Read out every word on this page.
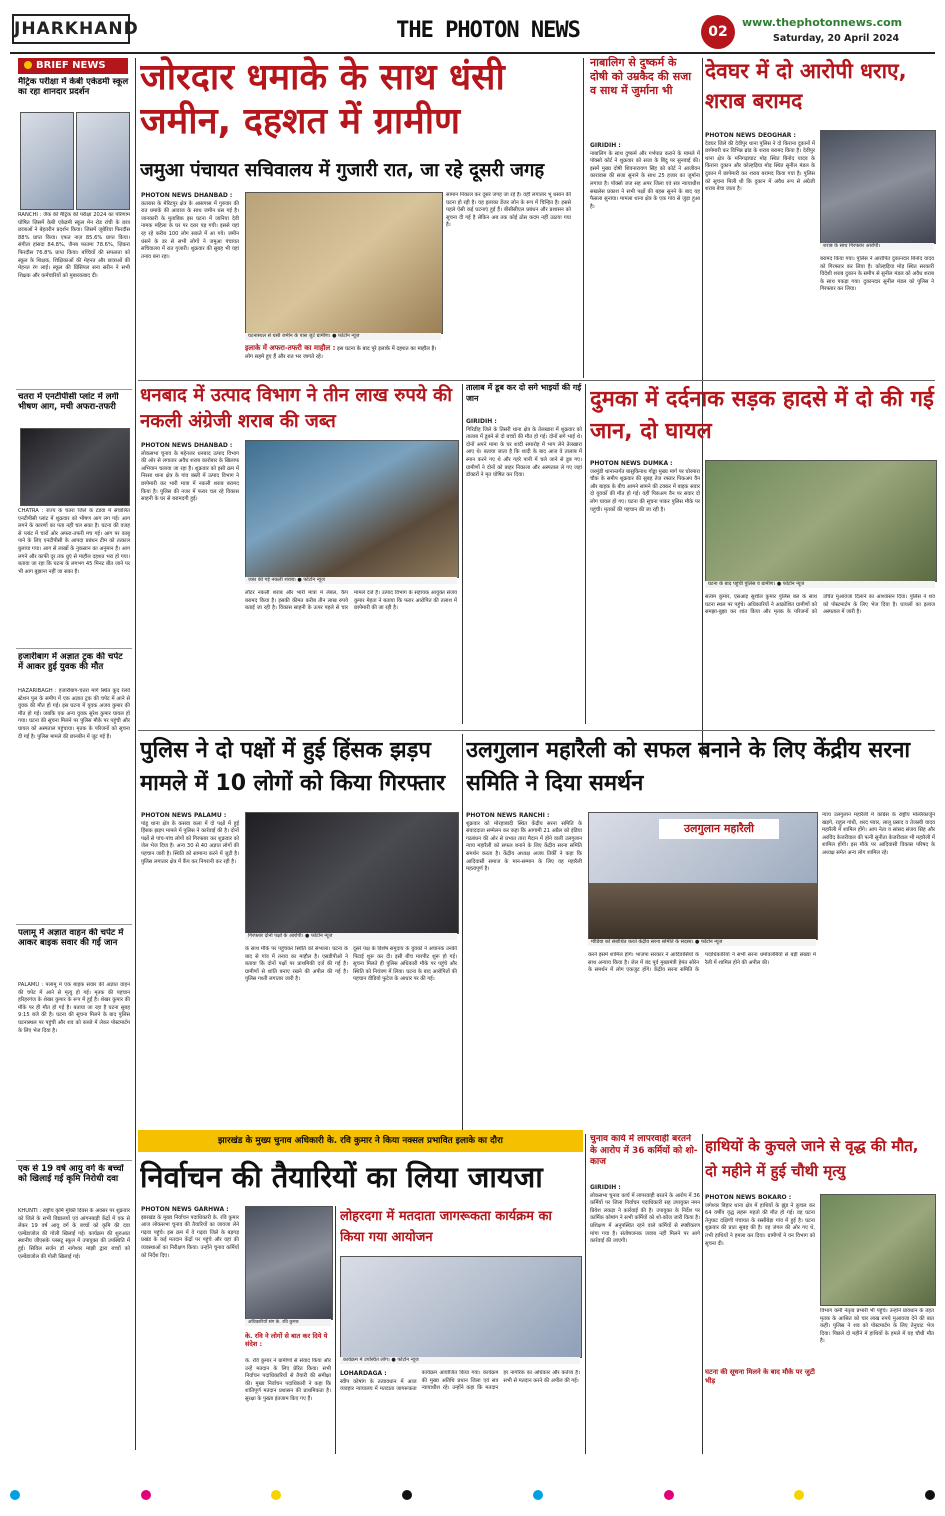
JHARKHAND	THE PHOTON NEWS	02
www.thephotonnews.com
Saturday, 20 April 2024
BRIEF NEWS
मैट्रिक परीक्षा में केबी एकेडमी स्कूल का रहा शानदार प्रदर्शन
RANCHI : जैक की मैट्रिक की परीक्षा 2024 का परिणाम घोषित जिसमें केबी एकेडमी स्कूल मेन रोड रांची के छात्र छात्राओं ने बेहतरीन प्रदर्शन किया। जिसमें जूबेरिया फिरदौस 88% प्राप्त किया। एफत नाज़ 85.6% प्राप्त किया। संगीता हांसदा 84.8%, जैनब फातमा 78.6%, ज़िकरा फिरदौस 76.8% प्राप्त किया। बच्चियों की सफलता को स्कूल के शिक्षक, शिक्षिकाओं की मेहनत और छात्राओं की मेहनत रंग लाई। स्कूल की प्रिंसिपल सना सरीन ने सभी शिक्षक और कर्मचारियों को मुबारकबाद दी।
चतरा में एनटीपीसी प्लांट में लगी भीषण आग, मची अफरा-तफरी
CHATRA : राज्य के चतरा जिले के टंडवा में संचालित एनटीपीसी प्लांट में शुक्रवार को भीषण आग लग गई। आग लगने के कारणों का पता नहीं चल सका है। घटना की वजह से प्लांट में चारों ओर अफरा-तफरी मच गई। आग पर काबू पाने के लिए एनटीपीसी के आपदा प्रबंधन टीम को तत्काल बुलाया गया। आग से लाखों के नुकसान का अनुमान है। आग लगने और काफी दूर तक धुएं से माहौल दहशत भरा हो गया। बताया जा रहा कि घटना के लगभग 45 मिनट बीत जाने पर भी आग बुझाना नहीं जा सका है।
हजारीबाग में अज्ञात ट्रक की चपेट में आकर हुई युवक की मौत
HAZARIBAGH : हजारीबाग-चतरा मार्ग स्थित कूद रेलवे स्टेशन पुल के समीप में एक अज्ञात ट्रक की चपेट में आने से युवक की मौत हो गई। इस घटना में युवक अजय कुमार की मौत हो गई। जबकि एक अन्य युवक सुरेश कुमार घायल हो गया। घटना की सूचना मिलने पर पुलिस मौके पर पहुंची और घायल को अस्पताल पहुंचाया। मृतक के परिजनों को सूचना दी गई है। पुलिस मामले की छानबीन में जुट गई है।
पलामू में अज्ञात वाहन की चपेट में आकर बाइक सवार की गई जान
PALAMU : पलामू में एक बाइक सवार की अज्ञात वाहन की चपेट में आने से मृत्यु हो गई। मृतक की पहचान हरिहरगंज के शेखर कुमार के रूप में हुई है। शेखर कुमार की मौके पर ही मौत हो गई है। बताया जा रहा है घटना सुबह 9:15 बजे की है। घटना की सूचना मिलने के बाद पुलिस घटनास्थल पर पहुंची और शव को कब्जे में लेकर पोस्टमार्टम के लिए भेज दिया है।
एक से 19 वर्ष आयु वर्ग के बच्चों को खिलाई गई कृमि निरोधी दवा
KHUNTI : राष्ट्रीय कृमि मुक्ति दिवस के अवसर पर शुक्रवार को जिले के सभी विद्यालयों एवं आंगनबाड़ी केंद्रों में एक से लेकर 19 वर्ष आयु वर्ग के बच्चों को कृमि की दवा एल्बेंडाजोल की गोली खिलाई गई। कार्यक्रम की शुरुआत स्थानीय जीएसके प्लसटू स्कूल में उपायुक्त की उपस्थिति में हुई। सिविल सर्जन डॉ नागेश्वर मांझी द्वारा बच्चों को एल्बेंडाजोल की गोली खिलाई गई।
जोरदार धमाके के साथ धंसी जमीन, दहशत में ग्रामीण
जमुआ पंचायत सचिवालय में गुजारी रात, जा रहे दूसरी जगह
PHOTON NEWS DHANBAD :
कतरास के मेरिटपुर क्षेत्र के आसपास में गुरुवार की रात धमाके की आवाज के साथ जमीन धंस गई है। जानकारी के मुताबिक इस घटना में जानिया देवी नामक महिला के घर पर दरार पड़ गयी। इससे यहां रह रहे करीब 100 लोग सकते में आ गये। जमीन धंसने के डर से सभी लोगों ने जमुआ पंचायत सचिवालय में रात गुजारी। शुक्रवार की सुबह भी यहां तनाव बना रहा।
घटनास्थल से धंसी जमीन के पास जुटे ग्रामीण। ● फोटोन न्यूज
इलाके में अफरा-तफरी का माहौल : इस घटना के बाद पूरे इलाके में दहशत का माहौल है। लोग सहमे हुए हैं और रात भर जागते रहे।
सामान निकाल कर दूसरे जगह जा रहे हैं। वहीं लगातार भू धसान की घटना हो रही है। यह इलाका डेंजर जोन के रूप में चिन्हित है। इससे पहले ऐसी कई घटनाएं हुई हैं। बीसीसीएल प्रबंधन और प्रशासन को सूचना दी गई है लेकिन अब तक कोई ठोस कदम नहीं उठाया गया है।
नाबालिग से दुष्कर्म के दोषी को उम्रकैद की सजा व साथ में जुर्माना भी
GIRIDIH :
नाबालिग के साथ दुष्कर्म और गर्भपात कराने के मामले में पॉक्सो कोर्ट ने शुक्रवार को सजा के बिंदु पर सुनवाई की। इसमें मुख्य दोषी शिवनारायण सिंह को कोर्ट ने आजीवन कारावास की सजा सुनाने के साथ 25 हजार का जुर्माना लगाया है। पॉक्सो जज सह अपर जिला एवं सत्र न्यायाधीश सखलेस प्रकाश ने सभी पक्षों की बहस सुनने के बाद यह फैसला सुनाया। मामला थाना क्षेत्र के एक गांव से जुड़ा हुआ है।
देवघर में दो आरोपी धराए, शराब बरामद
PHOTON NEWS DEOGHAR :
देवघर जिले की देवीपुर थाना पुलिस ने दो किराना दुकानों में छापेमारी कर विभिन्न ब्रांड के शराब बरामद किया है। देवीपुर थाना क्षेत्र के मनिगढ़ाघाट मोड़ स्थित बिनोद यादव के किराना दुकान और कोल्हड़िया मोड़ स्थित सुनील मंडल के दुकान में छापेमारी कर शराब बरामद किया गया है। पुलिस को सूचना मिली थी कि दुकान में अवैध रूप से अंग्रेजी शराब बेचा जाता है।
शराब के साथ गिरफ्तार आरोपी।
बरामद किया गया। पुलिस ने आरोपित दुकानदार बिनोद यादव को गिरफ्तार कर लिया है। कोल्हड़िया मोड़ स्थित सरकारी विदेशी शराब दुकान के समीप से सुनील मंडल को अवैध शराब के साथ पकड़ा गया। दुकानदार सुनील मंडल को पुलिस ने गिरफ्तार कर लिया।
धनबाद में उत्पाद विभाग ने तीन लाख रुपये की नकली अंग्रेजी शराब की जब्त
PHOTON NEWS DHANBAD :
लोकसभा चुनाव के मद्देनजर धनबाद उत्पाद विभाग की ओर से लगातार अवैध शराब कारोबार के खिलाफ अभियान चलाया जा रहा है। शुक्रवार को इसी क्रम में निरसा थाना क्षेत्र के गांव बस्ती में उत्पाद विभाग ने छापेमारी कर भारी मात्रा में नकली शराब बरामद किया है। पुलिस की नजर में फरार चल रहे विकास साहनी के घर से बरामदगी हुई।
जब्त की गई नकली शराब। ● फोटोन न्यूज
लॉटर नकली शराब और भारी मात्रा में लेबल, कैप बरामद किया है। इसकी कीमत करीब तीन लाख रुपये बताई जा रही है। विकास साहनी के ऊपर पहले से चार मामले दर्ज हैं। उत्पाद विभाग के सहायक आयुक्त संजय कुमार मेहता ने बताया कि फरार आरोपित की तलाश में छापेमारी की जा रही है।
तालाब में डूब कर दो सगे भाइयों की गई जान
GIRIDIH :
गिरिडीह जिले के तिसरी थाना क्षेत्र के तेलखारा में शुक्रवार को तालाब में डूबने से दो बच्चों की मौत हो गई। दोनों सगे भाई थे। दोनों अपने मामा के घर शादी समारोह में भाग लेने तेलखारा आए थे। बताया जाता है कि शादी के बाद आज वे तालाब में स्नान करने गए थे और गहरे पानी में चले जाने से डूब गए। ग्रामीणों ने दोनों को बाहर निकाला और अस्पताल ले गए जहां डॉक्टरों ने मृत घोषित कर दिया।
दुमका में दर्दनाक सड़क हादसे में दो की गई जान, दो घायल
PHOTON NEWS DUMKA :
जरमुंडी थानान्तर्गत बासुकिनाथ गोड्डा मुख्य मार्ग पर घोरमारा चौक के समीप शुक्रवार की सुबह तेज रफ्तार पिकअप वैन और बाइक के बीच आमने सामने की टक्कर में बाइक सवार दो युवकों की मौत हो गई। वहीं पिकअप वैन पर सवार दो लोग घायल हो गए। घटना की सूचना पाकर पुलिस मौके पर पहुंची। मृतकों की पहचान की जा रही है।
घटना के बाद पहुंची पुलिस व ग्रामीण। ● फोटोन न्यूज
सत्यम कुमार, एसआइ सुशील कुमार पुलिस बल के साथ घटना स्थल पर पहुंचे। अधिकारियों ने आक्रोशित ग्रामीणों को समझा-बुझा कर शांत किया और मृतक के परिजनों को उचित मुआवजा दिलाने का आश्वासन दिया। पुलिस ने शव को पोस्टमार्टम के लिए भेज दिया है। घायलों का इलाज अस्पताल में जारी है।
पुलिस ने दो पक्षों में हुई हिंसक झड़प मामले में 10 लोगों को किया गिरफ्तार
PHOTON NEWS PALAMU :
पांडू थाना क्षेत्र के कसवा कला में दो पक्षों में हुई हिंसक झड़प मामले में पुलिस ने कार्रवाई की है। दोनों पक्षों से पांच-पांच लोगों को गिरफ्तार कर शुक्रवार को जेल भेज दिया है। अन्य 30 से 40 अज्ञात लोगों की पहचान जारी है। स्थिति को सामान्य करने में जुटी है। पुलिस लगातार क्षेत्र में कैंप कर निगरानी कर रही है।
गिरफ्तार दोनों पक्षों के आरोपी। ● फोटोन न्यूज
के साथ मौके पर पहुंचकर स्थिति को संभाला। घटना के बाद से गांव में तनाव का माहौल है। एसडीपीओ ने बताया कि दोनों पक्षों पर प्राथमिकी दर्ज की गई है। ग्रामीणों से शांति बनाए रखने की अपील की गई है। पुलिस गश्ती लगातार जारी है।
दूसरे पक्ष के विशेष समुदाय के युवकों ने अचानक उनकी पिटाई शुरू कर दी। इसी बीच मारपीट शुरू हो गई। सूचना मिलते ही पुलिस अधिकारी मौके पर पहुंचे और स्थिति को नियंत्रण में लिया। घटना के बाद आरोपितों की पहचान वीडियो फुटेज के आधार पर की गई।
उलगुलान महारैली को सफल बनाने के लिए केंद्रीय सरना समिति ने दिया समर्थन
PHOTON NEWS RANCHI :
शुक्रवार को मोरहाबादी स्थित केंद्रीय सरना समिति के संवाददाता सम्मेलन कर कहा कि आगामी 21 अप्रैल को इंडिया गठबंधन की ओर से प्रभात तारा मैदान में होने वाली उलगुलान न्याय महारैली को सफल बनाने के लिए केंद्रीय सरना समिति समर्थन करता है। केंद्रीय अध्यक्ष अजय तिर्की ने कहा कि आदिवासी समाज के मान-सम्मान के लिए यह महारैली महत्वपूर्ण है।
उलगुलान महारैली
मीडिया को संबोधित करते केंद्रीय सरना समिति के सदस्य। ● फोटोन न्यूज
करने इसमें शामिल होंगे। भाजपा सरकार ने आदिवासियों के साथ अन्याय किया है। जेल में बंद पूर्व मुख्यमंत्री हेमंत सोरेन के समर्थन में लोग एकजुट होंगे। केंद्रीय सरना समिति के पदाधिकारियों ने सभी सरना धर्मावलंबियों से बड़ी संख्या में रैली में शामिल होने की अपील की।
न्याय उलगुलान महारैली में कांग्रेस के राष्ट्रीय मल्लिकार्जुन खड़गे, राहुल गांधी, शरद पवार, लालू प्रसाद व तेजस्वी यादव महारैली में शामिल होंगे। आप नेता व सांसद संजय सिंह और अरविंद केजरीवाल की पत्नी सुनीता केजरीवाल भी महारैली में शामिल होंगी। इस मौके पर आदिवासी विकास परिषद के अध्यक्ष समेत अन्य लोग शामिल रहे।
झारखंड के मुख्य चुनाव अधिकारी के. रवि कुमार ने किया नक्सल प्रभावित इलाके का दौरा
निर्वाचन की तैयारियों का लिया जायजा
PHOTON NEWS GARHWA :
झारखंड के मुख्य निर्वाचन पदाधिकारी के. रवि कुमार आज लोकसभा चुनाव की तैयारियों का जायजा लेने गढ़वा पहुंचे। इस क्रम में वे गढ़वा जिले के बड़गड़ प्रखंड के कई मतदान केंद्रों पर पहुंचे और वहां की व्यवस्थाओं का निरीक्षण किया। उन्होंने चुनाव कर्मियों को निर्देश दिए।
अधिकारियों संग के. रवि कुमार
के. रवि ने लोगों से बात कर दिये ये संदेश :
के. रवि कुमार ने ग्रामीणों से संवाद किया और उन्हें मतदान के लिए प्रेरित किया। सभी निर्वाचन पदाधिकारियों से तैयारी की समीक्षा की। मुख्य निर्वाचन पदाधिकारी ने कहा कि शांतिपूर्ण मतदान प्रशासन की प्राथमिकता है। सुरक्षा के पुख्ता इंतजाम किए गए हैं।
लोहरदगा में मतदाता जागरूकता कार्यक्रम का किया गया आयोजन
कार्यक्रम में उपस्थित लोग। ● फोटोन न्यूज
LOHARDAGA :
स्वीप कोषांग के तत्वावधान में आज व्यवहार न्यायालय में मतदाता जागरूकता कार्यक्रम आयोजित किया गया। कार्यक्रम की मुख्य अतिथि प्रधान जिला एवं सत्र न्यायाधीश रहे। उन्होंने कहा कि मतदान हर नागरिक का अधिकार और कर्तव्य है। सभी से मतदान करने की अपील की गई।
चुनाव कार्य में लापरवाही बरतने के आरोप में 36 कर्मियों को शो-काज
GIRIDIH :
लोकसभा चुनाव कार्य में लापरवाही बरतने के आरोप में 36 कर्मियों पर जिला निर्वाचन पदाधिकारी सह उपायुक्त नमन प्रियेश लकड़ा ने कार्रवाई की है। उपायुक्त के निर्देश पर कार्मिक कोषांग ने सभी कर्मियों को शो-कॉज जारी किया है। प्रशिक्षण में अनुपस्थित रहने वाले कर्मियों से स्पष्टीकरण मांगा गया है। संतोषजनक जवाब नहीं मिलने पर आगे कार्रवाई की जाएगी।
हाथियों के कुचले जाने से वृद्ध की मौत, दो महीने में हुई चौथी मृत्यु
PHOTON NEWS BOKARO :
जगेश्वर बिहार थाना क्षेत्र में हाथियों के झुंड ने कुचल कर 64 वर्षीय वृद्ध लहरू महतो की मौत हो गई। वह घटना तेनुघाट दक्षिणी पंचायत के रस्सीबेड़ा गांव में हुई है। घटना शुक्रवार की प्रातः सुबह की है। वह जंगल की ओर गए थे, तभी हाथियों ने हमला कर दिया। ग्रामीणों ने वन विभाग को सूचना दी।
विभाग कर्मी नेतृत्व प्रभारी भी पहुंचे। उन्होंने प्रावधान के तहत मृतक के आश्रित को चार लाख रुपये मुआवजा देने की बात कही। पुलिस ने शव को पोस्टमार्टम के लिए तेनुघाट भेज दिया। पिछले दो महीने में हाथियों के हमले में यह चौथी मौत है।
घटना की सूचना मिलने के बाद मौके पर जुटी भीड़
